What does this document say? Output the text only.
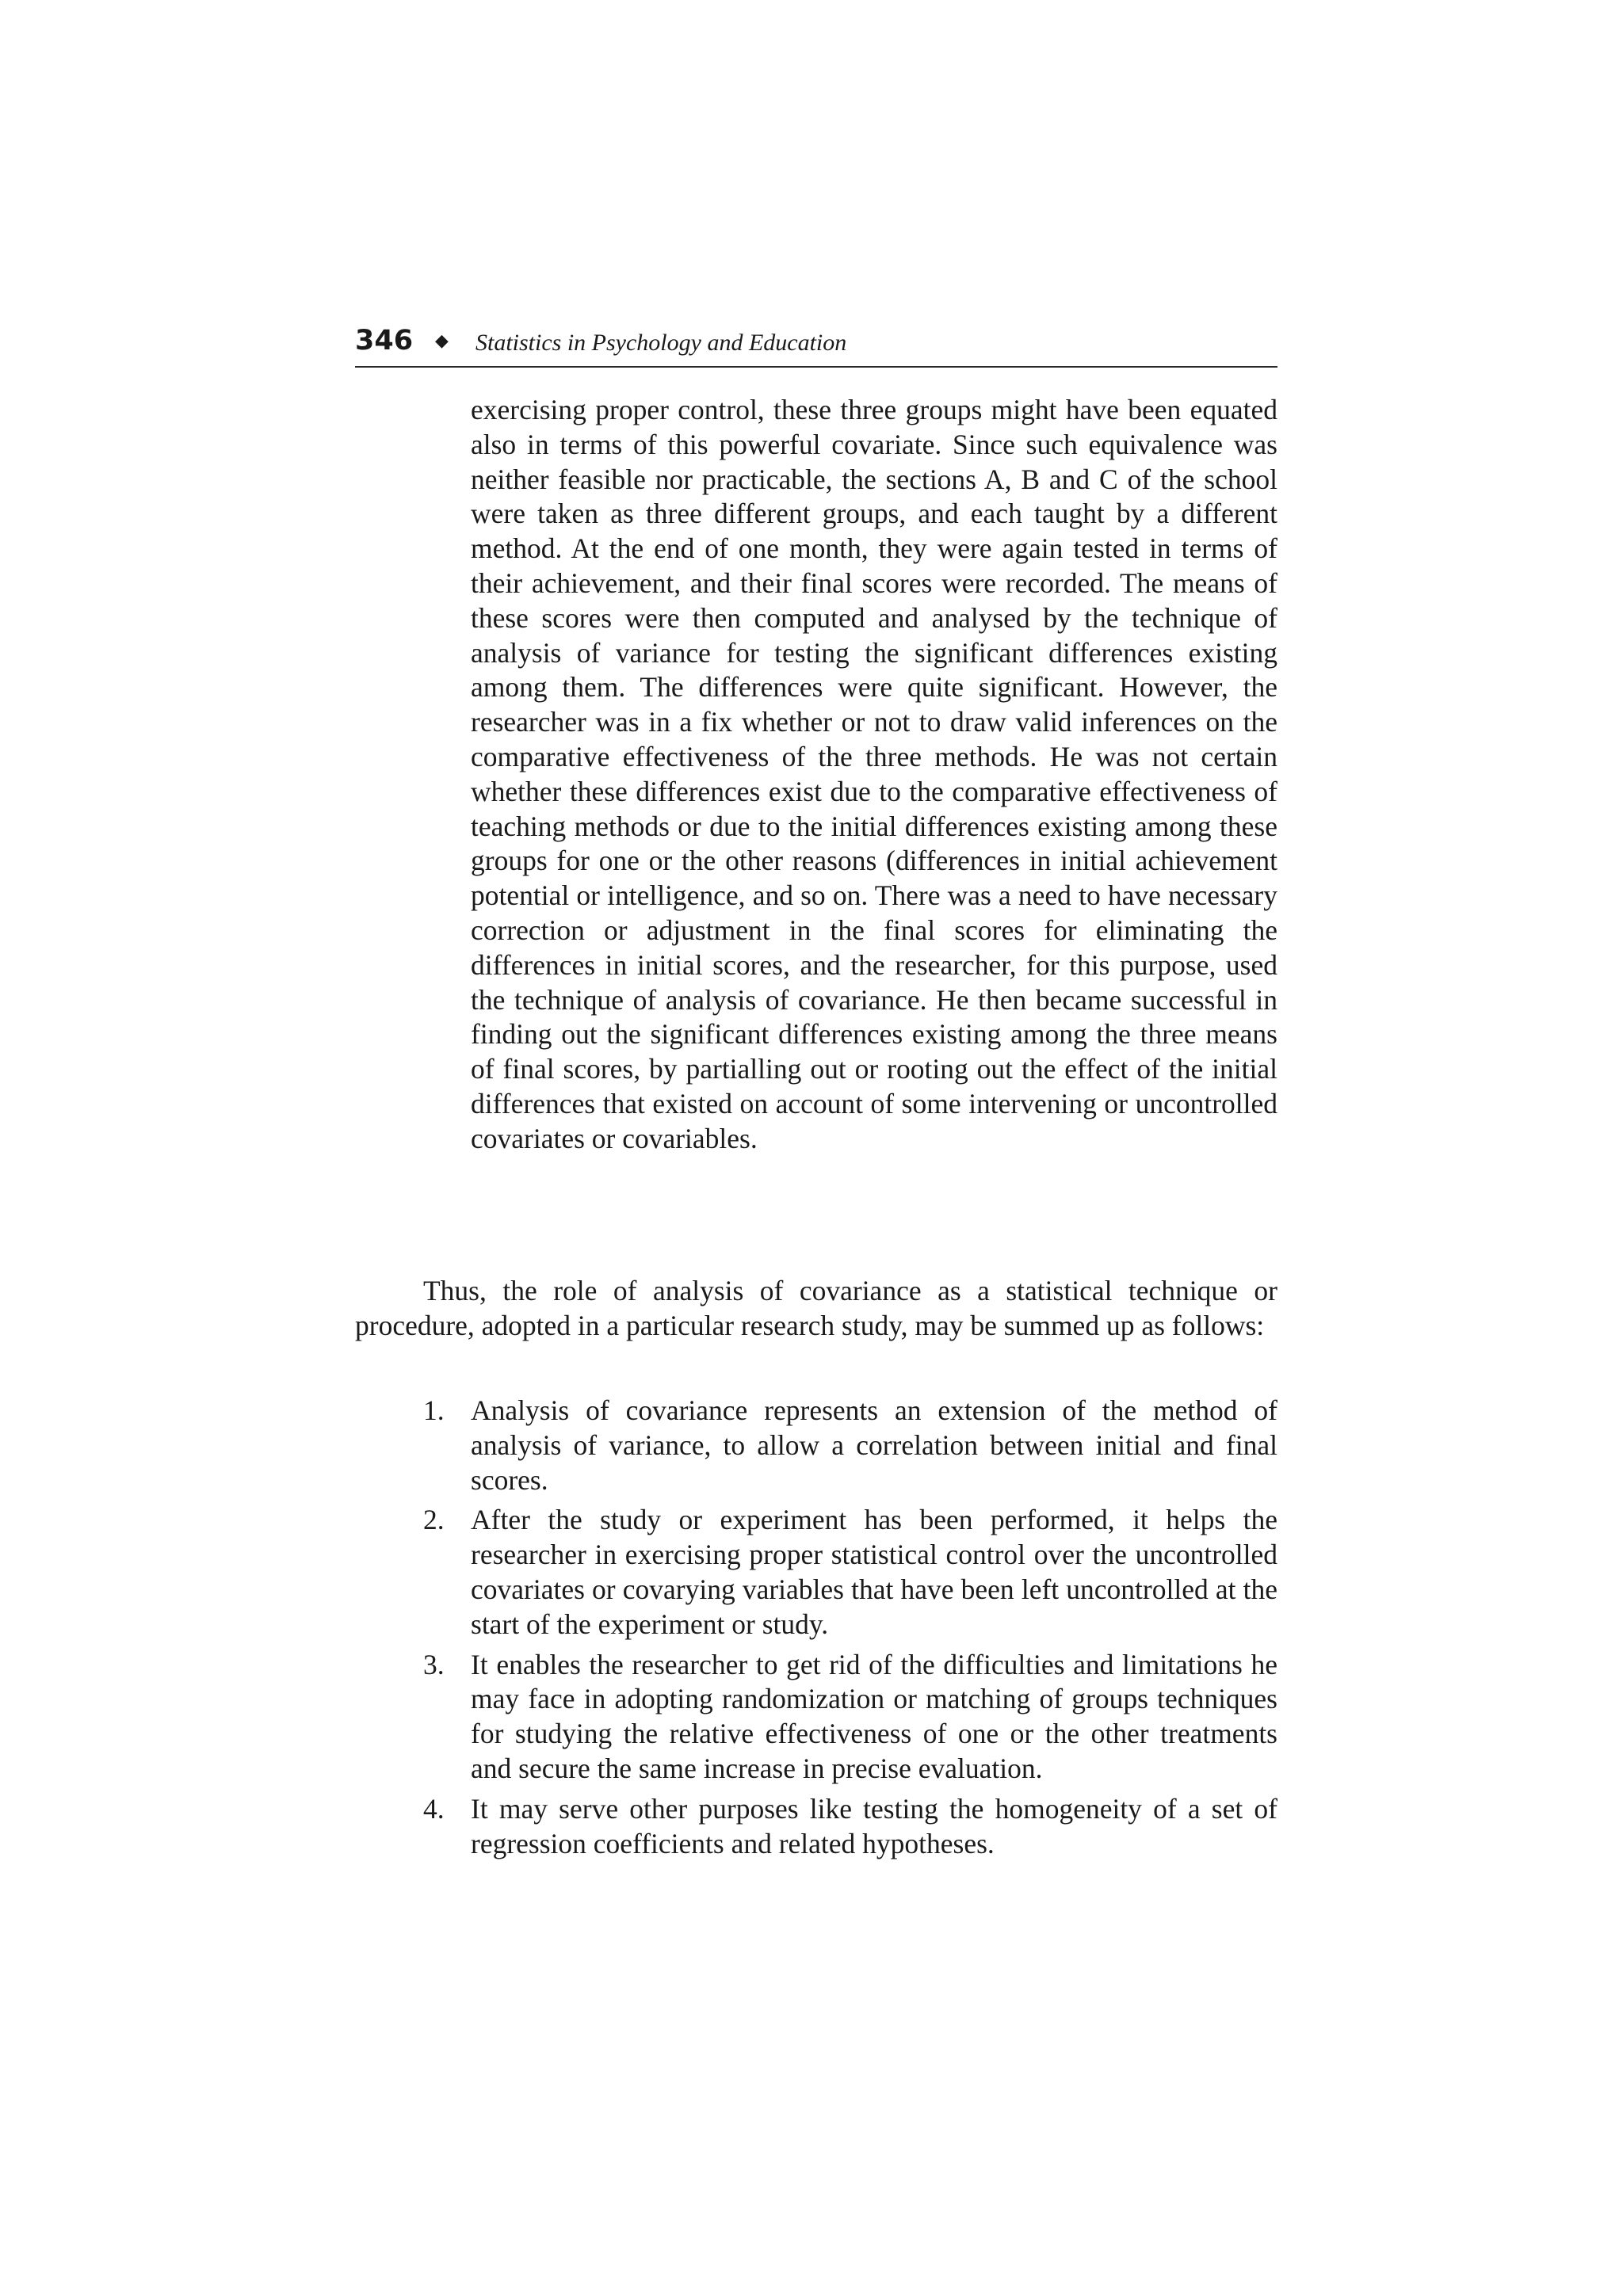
346 ◆ Statistics in Psychology and Education

exercising proper control, these three groups might have been equated also in terms of this powerful covariate. Since such equivalence was neither feasible nor practicable, the sections A, B and C of the school were taken as three different groups, and each taught by a different method. At the end of one month, they were again tested in terms of their achievement, and their final scores were recorded. The means of these scores were then computed and analysed by the technique of analysis of variance for testing the significant differences existing among them. The differences were quite significant. However, the researcher was in a fix whether or not to draw valid inferences on the comparative effectiveness of the three methods. He was not certain whether these differences exist due to the comparative effectiveness of teaching methods or due to the initial differences existing among these groups for one or the other reasons (differences in initial achievement potential or intelligence, and so on. There was a need to have necessary correction or adjustment in the final scores for eliminating the differences in initial scores, and the researcher, for this purpose, used the technique of analysis of covariance. He then became successful in finding out the significant differences existing among the three means of final scores, by partialling out or rooting out the effect of the initial differences that existed on account of some intervening or uncontrolled covariates or covariables.

Thus, the role of analysis of covariance as a statistical technique or procedure, adopted in a particular research study, may be summed up as follows:

1. Analysis of covariance represents an extension of the method of analysis of variance, to allow a correlation between initial and final scores.

2. After the study or experiment has been performed, it helps the researcher in exercising proper statistical control over the uncontrolled covariates or covarying variables that have been left uncontrolled at the start of the experiment or study.

3. It enables the researcher to get rid of the difficulties and limitations he may face in adopting randomization or matching of groups techniques for studying the relative effectiveness of one or the other treatments and secure the same increase in precise evaluation.

4. It may serve other purposes like testing the homogeneity of a set of regression coefficients and related hypotheses.
